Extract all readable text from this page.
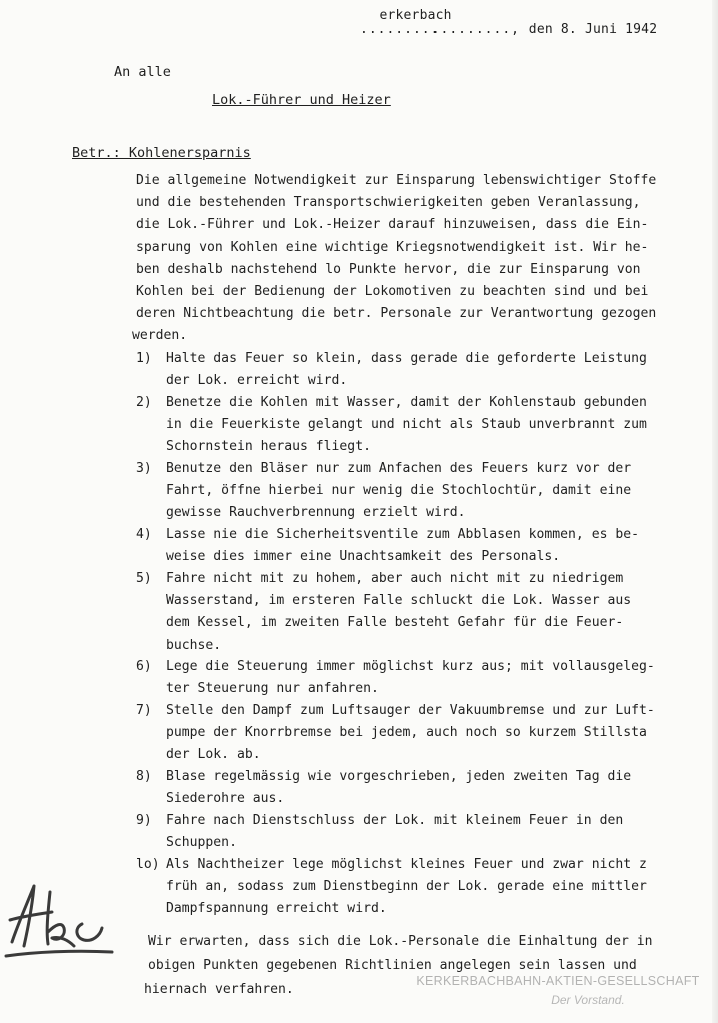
.........erkerbach........., den 8. Juni 1942
An alle
Lok.-Führer und Heizer
Betr.: Kohlenersparnis
Die allgemeine Notwendigkeit zur Einsparung lebenswichtiger Stoffe
und die bestehenden Transportschwierigkeiten geben Veranlassung,
die Lok.-Führer und Lok.-Heizer darauf hinzuweisen, dass die Ein-
sparung von Kohlen eine wichtige Kriegsnotwendigkeit ist. Wir he-
ben deshalb nachstehend lo Punkte hervor, die zur Einsparung von
Kohlen bei der Bedienung der Lokomotiven zu beachten sind und bei
deren Nichtbeachtung die betr. Personale zur Verantwortung gezogen
werden.
1)	Halte das Feuer so klein, dass gerade die geforderte Leistung
der Lok. erreicht wird.
2)	Benetze die Kohlen mit Wasser, damit der Kohlenstaub gebunden
in die Feuerkiste gelangt und nicht als Staub unverbrannt zum
Schornstein heraus fliegt.
3)	Benutze den Bläser nur zum Anfachen des Feuers kurz vor der
Fahrt, öffne hierbei nur wenig die Stochlochtür, damit eine
gewisse Rauchverbrennung erzielt wird.
4)	Lasse nie die Sicherheitsventile zum Abblasen kommen, es be-
weise dies immer eine Unachtsamkeit des Personals.
5)	Fahre nicht mit zu hohem, aber auch nicht mit zu niedrigem
Wasserstand, im ersteren Falle schluckt die Lok. Wasser aus
dem Kessel, im zweiten Falle besteht Gefahr für die Feuer-
buchse.
6)	Lege die Steuerung immer möglichst kurz aus; mit vollausgeleg-
ter Steuerung nur anfahren.
7)	Stelle den Dampf zum Luftsauger der Vakuumbremse und zur Luft-
pumpe der Knorrbremse bei jedem, auch noch so kurzem Stillsta
der Lok. ab.
8)	Blase regelmässig wie vorgeschrieben, jeden zweiten Tag die
Siederohre aus.
9)	Fahre nach Dienstschluss der Lok. mit kleinem Feuer in den
Schuppen.
lo) Als Nachtheizer lege möglichst kleines Feuer und zwar nicht z
früh an, sodass zum Dienstbeginn der Lok. gerade eine mittler
Dampfspannung erreicht wird.
Wir erwarten, dass sich die Lok.-Personale die Einhaltung der in
obigen Punkten gegebenen Richtlinien angelegen sein lassen und
hiernach verfahren.
KERKERBACHBAHN-AKTIEN-GESELLSCHAFT
Der Vorstand.
